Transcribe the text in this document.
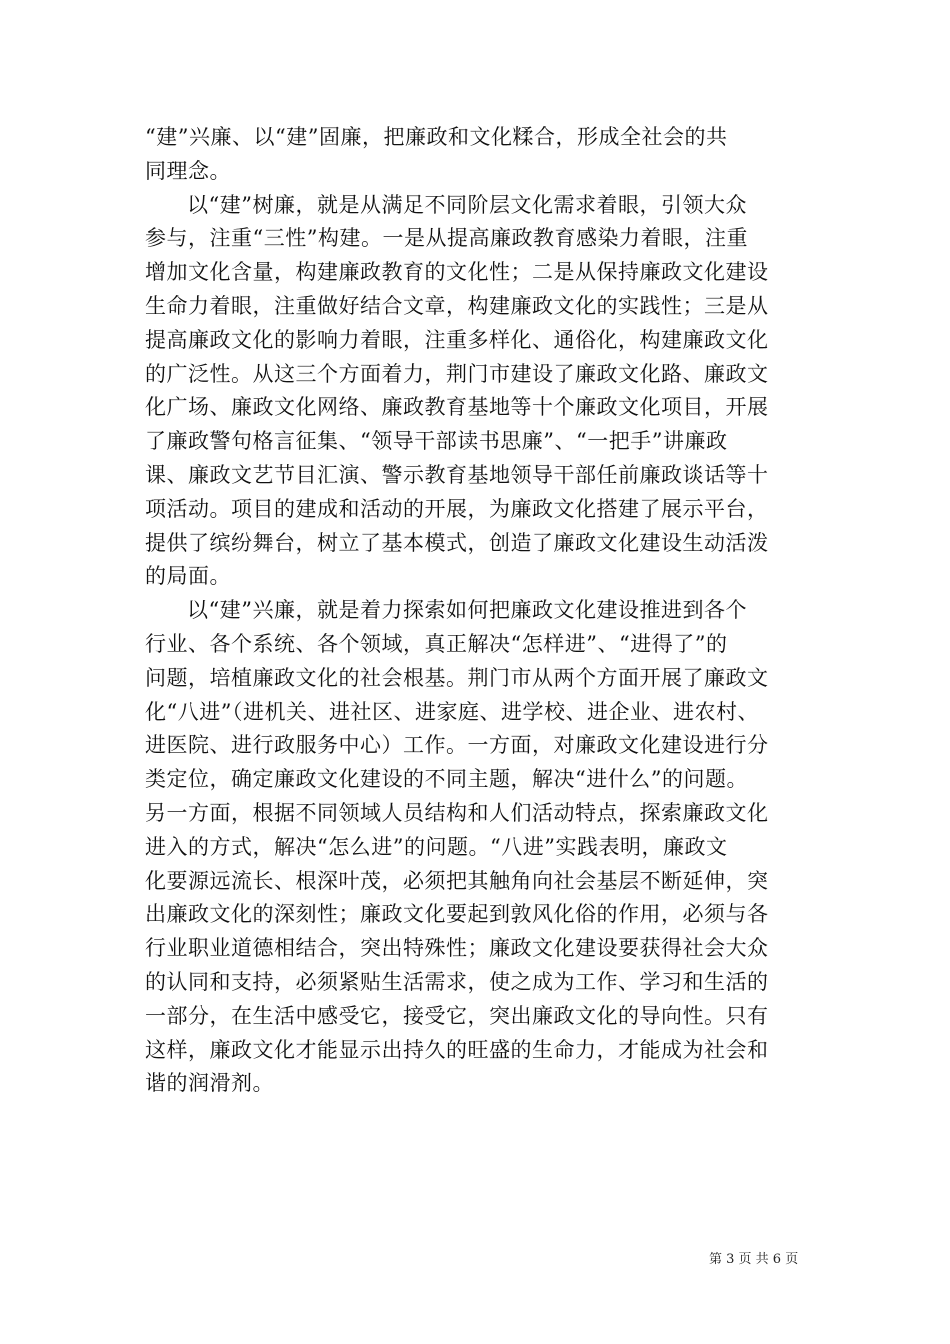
“建”兴廉、以“建”固廉，把廉政和文化糅合，形成全社会的共
同理念。
以“建”树廉，就是从满足不同阶层文化需求着眼，引领大众
参与，注重“三性”构建。一是从提高廉政教育感染力着眼，注重
增加文化含量，构建廉政教育的文化性；二是从保持廉政文化建设
生命力着眼，注重做好结合文章，构建廉政文化的实践性；三是从
提高廉政文化的影响力着眼，注重多样化、通俗化，构建廉政文化
的广泛性。从这三个方面着力，荆门市建设了廉政文化路、廉政文
化广场、廉政文化网络、廉政教育基地等十个廉政文化项目，开展
了廉政警句格言征集、“领导干部读书思廉”、“一把手”讲廉政
课、廉政文艺节目汇演、警示教育基地领导干部任前廉政谈话等十
项活动。项目的建成和活动的开展，为廉政文化搭建了展示平台，
提供了缤纷舞台，树立了基本模式，创造了廉政文化建设生动活泼
的局面。
以“建”兴廉，就是着力探索如何把廉政文化建设推进到各个
行业、各个系统、各个领域，真正解决“怎样进”、“进得了”的
问题，培植廉政文化的社会根基。荆门市从两个方面开展了廉政文
化“八进”（进机关、进社区、进家庭、进学校、进企业、进农村、
进医院、进行政服务中心）工作。一方面，对廉政文化建设进行分
类定位，确定廉政文化建设的不同主题，解决“进什么”的问题。
另一方面，根据不同领域人员结构和人们活动特点，探索廉政文化
进入的方式，解决“怎么进”的问题。“八进”实践表明，廉政文
化要源远流长、根深叶茂，必须把其触角向社会基层不断延伸，突
出廉政文化的深刻性；廉政文化要起到敦风化俗的作用，必须与各
行业职业道德相结合，突出特殊性；廉政文化建设要获得社会大众
的认同和支持，必须紧贴生活需求，使之成为工作、学习和生活的
一部分，在生活中感受它，接受它，突出廉政文化的导向性。只有
这样，廉政文化才能显示出持久的旺盛的生命力，才能成为社会和
谐的润滑剂。
第 3 页 共 6 页
